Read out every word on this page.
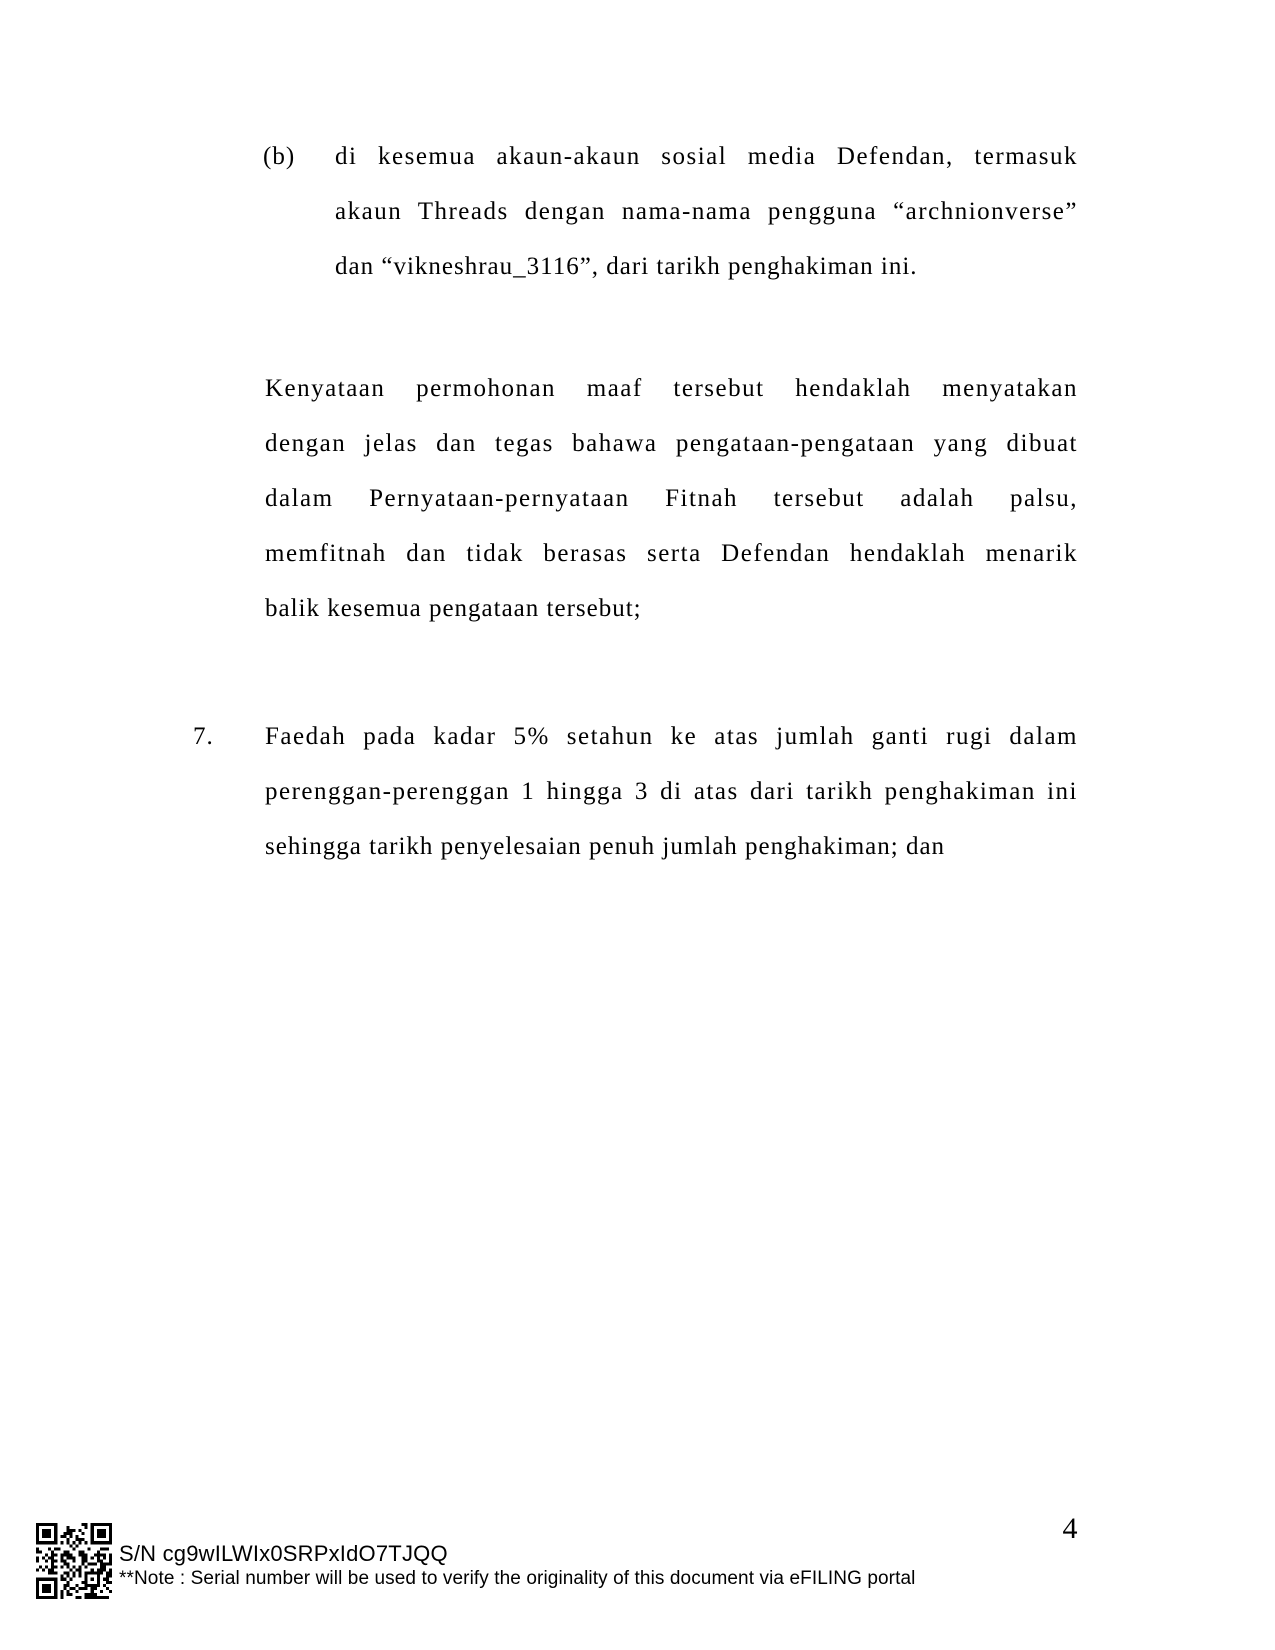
(b) di kesemua akaun-akaun sosial media Defendan, termasuk
akaun Threads dengan nama-nama pengguna “archnionverse”
dan “vikneshrau_3116”, dari tarikh penghakiman ini.
Kenyataan permohonan maaf tersebut hendaklah menyatakan
dengan jelas dan tegas bahawa pengataan-pengataan yang dibuat
dalam Pernyataan-pernyataan Fitnah tersebut adalah palsu,
memfitnah dan tidak berasas serta Defendan hendaklah menarik
balik kesemua pengataan tersebut;
7. Faedah pada kadar 5% setahun ke atas jumlah ganti rugi dalam
perenggan-perenggan 1 hingga 3 di atas dari tarikh penghakiman ini
sehingga tarikh penyelesaian penuh jumlah penghakiman; dan
4
S/N cg9wILWIx0SRPxIdO7TJQQ
**Note : Serial number will be used to verify the originality of this document via eFILING portal
